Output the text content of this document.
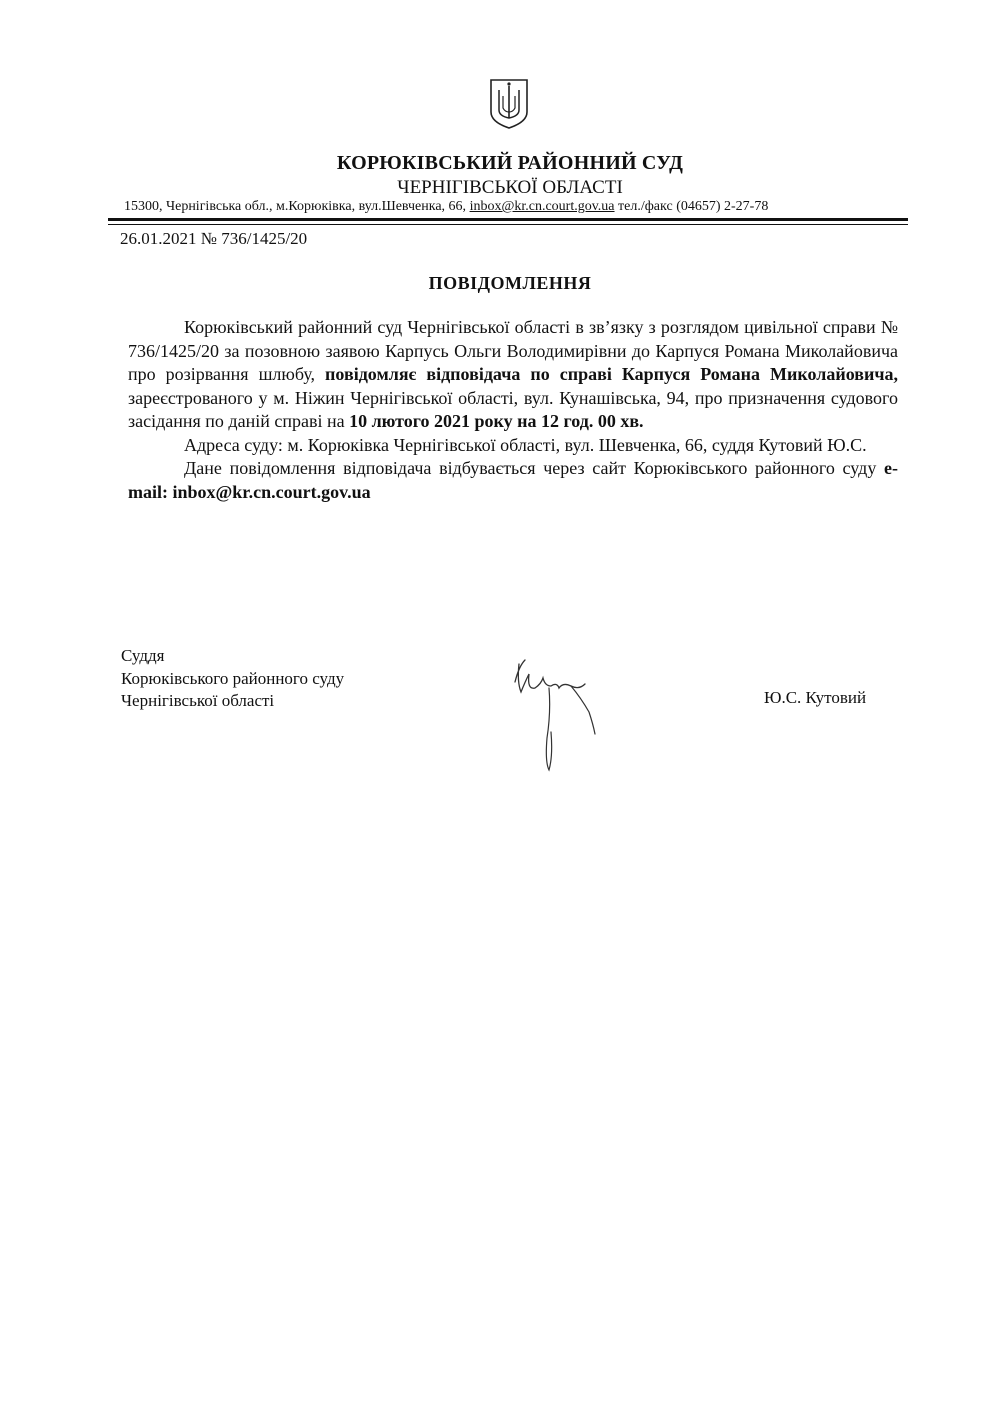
КОРЮКІВСЬКИЙ РАЙОННИЙ СУД
ЧЕРНІГІВСЬКОЇ ОБЛАСТІ
15300, Чернігівська обл., м.Корюківка, вул.Шевченка, 66, inbox@kr.cn.court.gov.ua тел./факс (04657) 2-27-78
26.01.2021 № 736/1425/20
ПОВІДОМЛЕННЯ

Корюківський районний суд Чернігівської області в зв’язку з розглядом цивільної справи № 736/1425/20 за позовною заявою Карпусь Ольги Володимирівни до Карпуся Романа Миколайовича про розірвання шлюбу, повідомляє відповідача по справі Карпуся Романа Миколайовича, зареєстрованого у м. Ніжин Чернігівської області, вул. Кунашівська, 94, про призначення судового засідання по даній справі на 10 лютого 2021 року на 12 год. 00 хв.

Адреса суду: м. Корюківка Чернігівської області, вул. Шевченка, 66, суддя Кутовий Ю.С.

Дане повідомлення відповідача відбувається через сайт Корюківського районного суду e-mail: inbox@kr.cn.court.gov.ua

Суддя
Корюківського районного суду
Чернігівської області	Ю.С. Кутовий
